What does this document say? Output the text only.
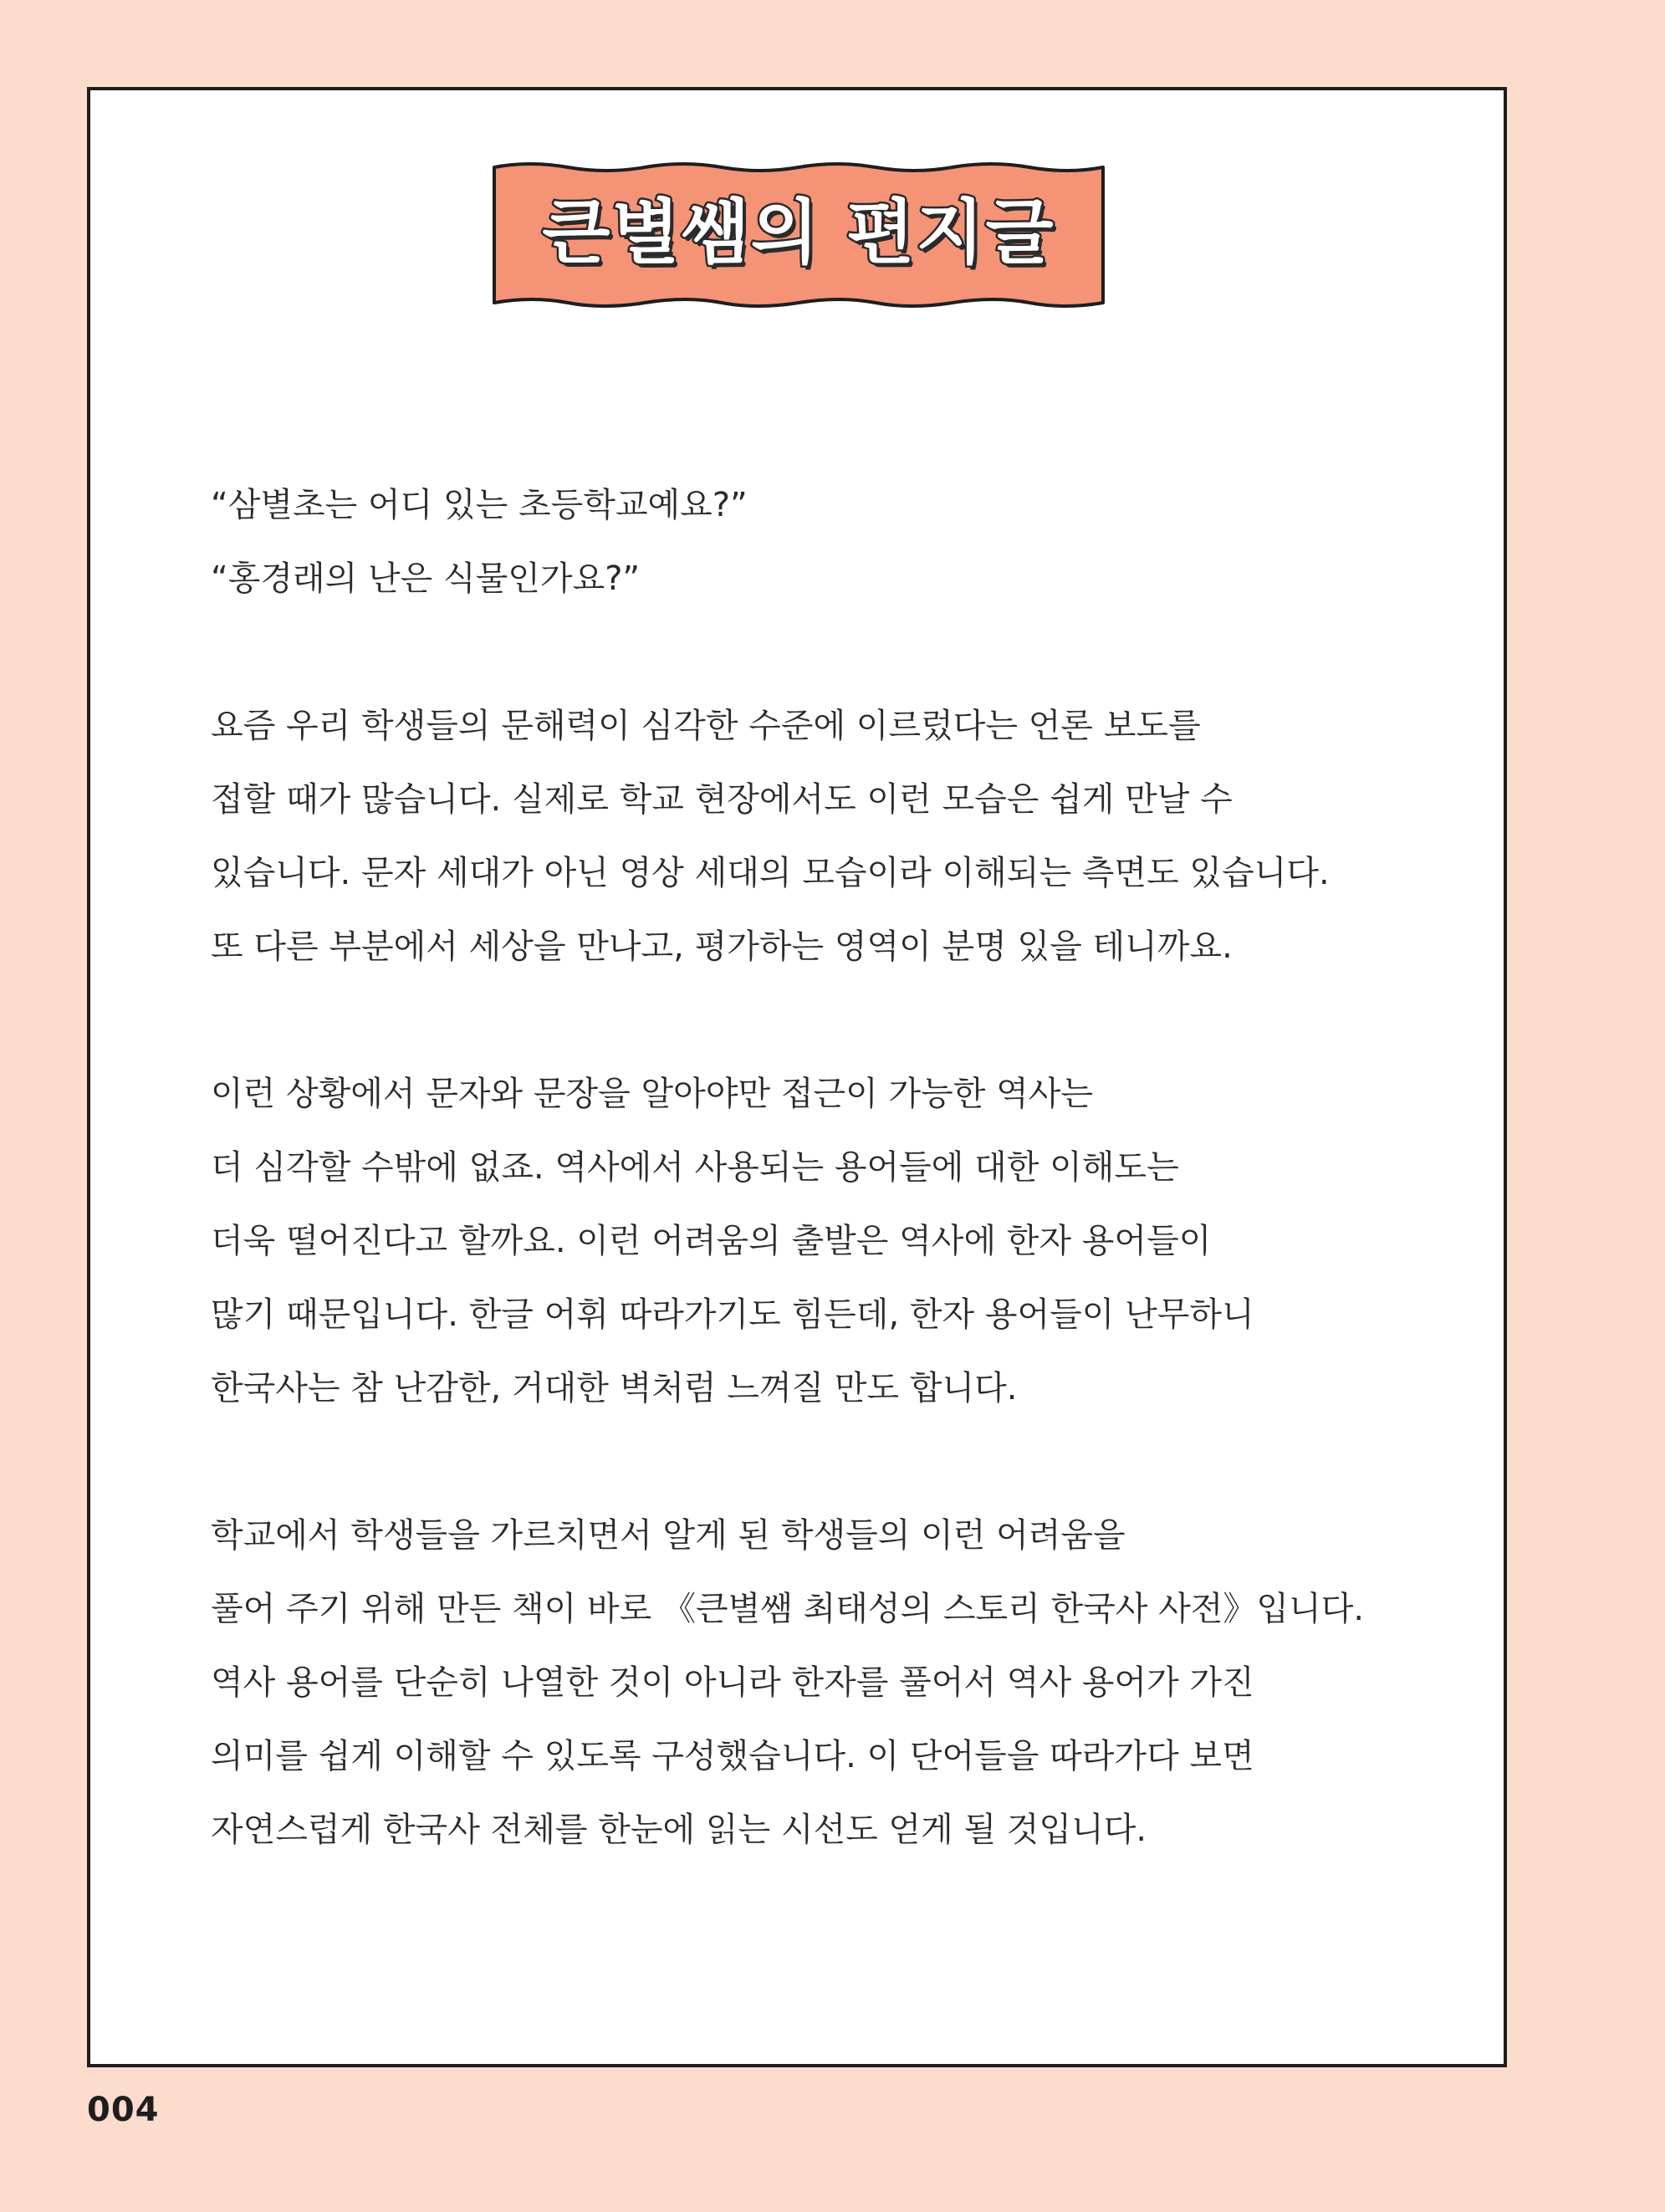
큰별쌤의 편지글
“삼별초는 어디 있는 초등학교예요?”
“홍경래의 난은 식물인가요?”
요즘 우리 학생들의 문해력이 심각한 수준에 이르렀다는 언론 보도를
접할 때가 많습니다. 실제로 학교 현장에서도 이런 모습은 쉽게 만날 수
있습니다. 문자 세대가 아닌 영상 세대의 모습이라 이해되는 측면도 있습니다.
또 다른 부분에서 세상을 만나고, 평가하는 영역이 분명 있을 테니까요.
이런 상황에서 문자와 문장을 알아야만 접근이 가능한 역사는
더 심각할 수밖에 없죠. 역사에서 사용되는 용어들에 대한 이해도는
더욱 떨어진다고 할까요. 이런 어려움의 출발은 역사에 한자 용어들이
많기 때문입니다. 한글 어휘 따라가기도 힘든데, 한자 용어들이 난무하니
한국사는 참 난감한, 거대한 벽처럼 느껴질 만도 합니다.
학교에서 학생들을 가르치면서 알게 된 학생들의 이런 어려움을
풀어 주기 위해 만든 책이 바로 《큰별쌤 최태성의 스토리 한국사 사전》입니다.
역사 용어를 단순히 나열한 것이 아니라 한자를 풀어서 역사 용어가 가진
의미를 쉽게 이해할 수 있도록 구성했습니다. 이 단어들을 따라가다 보면
자연스럽게 한국사 전체를 한눈에 읽는 시선도 얻게 될 것입니다.
004
